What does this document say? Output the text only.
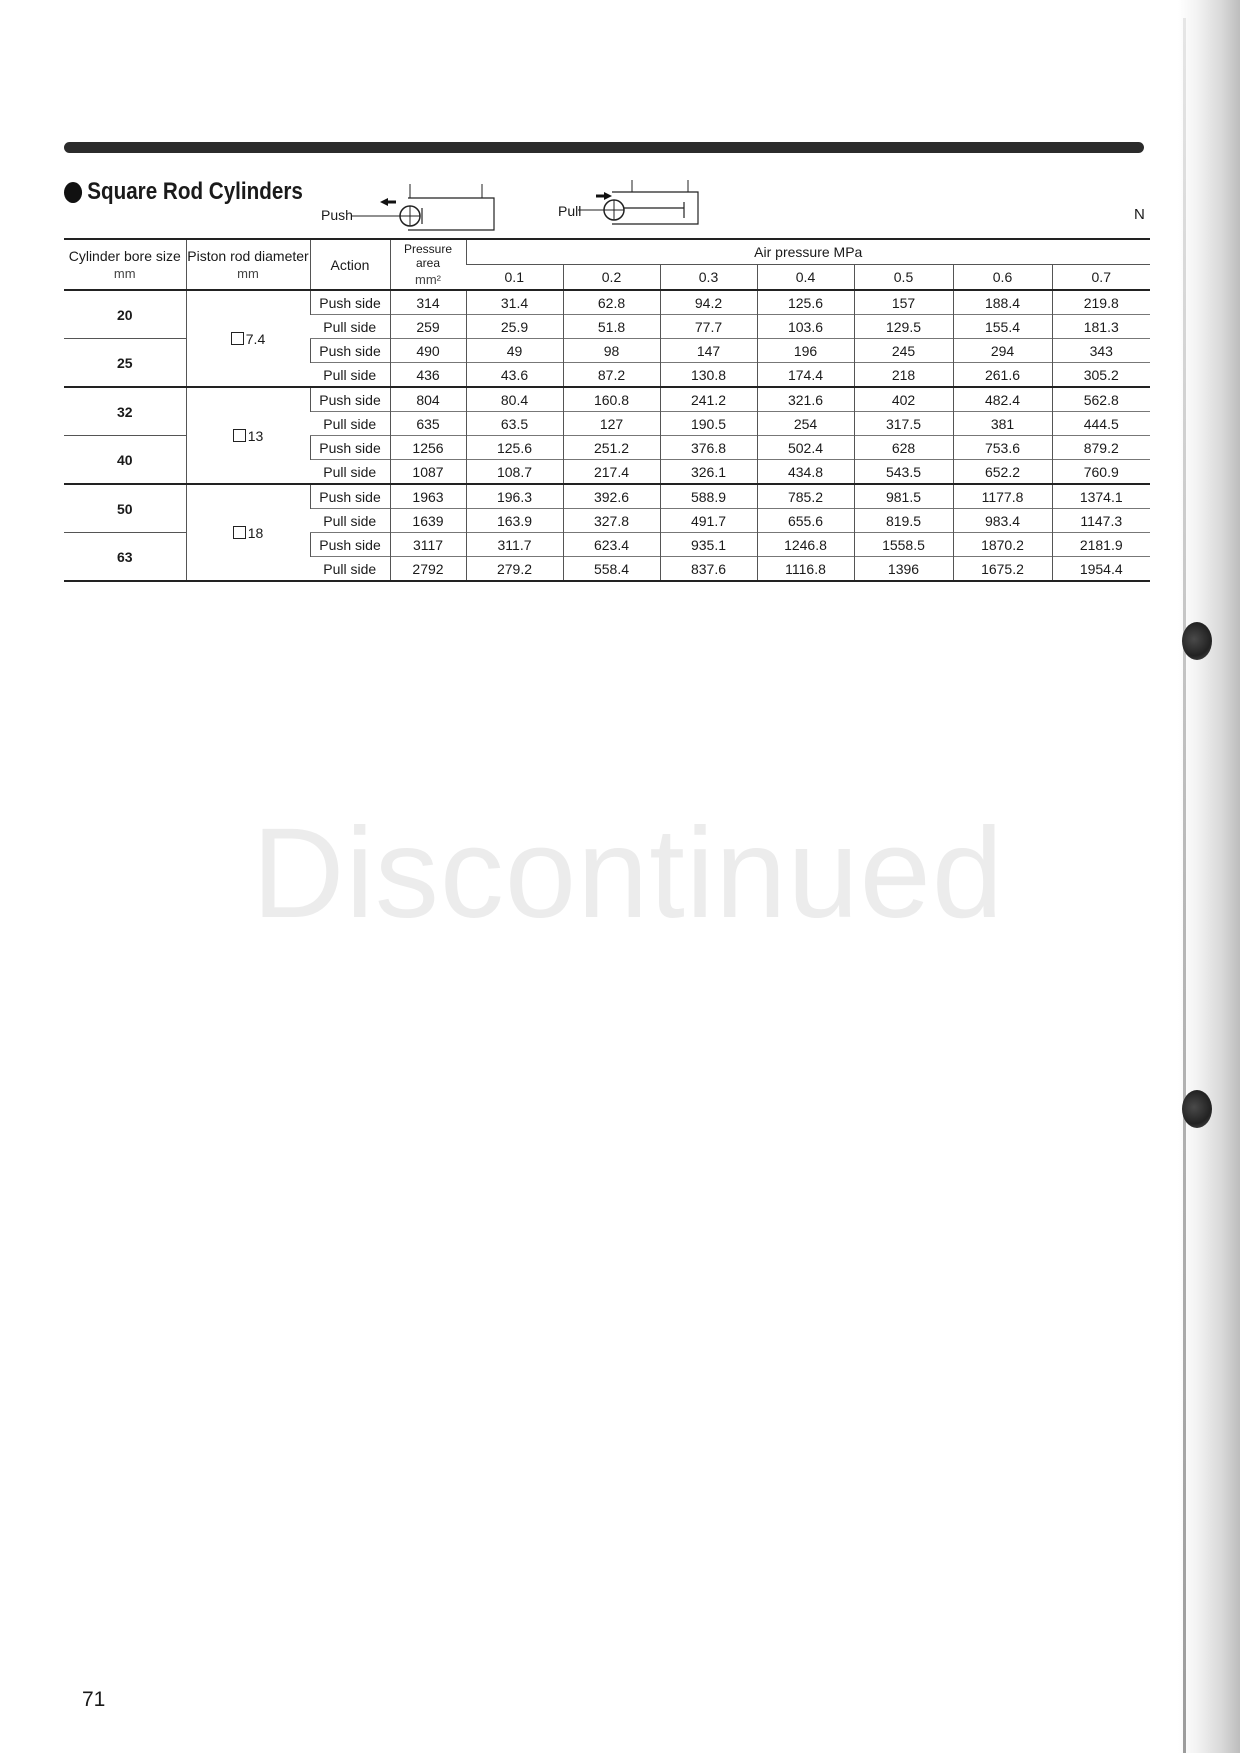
Square Rod Cylinders
Push	Pull	N
Cylinder bore size
mm	Piston rod diameter
mm	Action	Pressure area
mm²	Air pressure MPa						
				0.1	0.2	0.3	0.4	0.5	0.6	0.7
20	7.4	Push side	314	31.4	62.8	94.2	125.6	157	188.4	219.8
		Pull side	259	25.9	51.8	77.7	103.6	129.5	155.4	181.3
25		Push side	490	49	98	147	196	245	294	343
		Pull side	436	43.6	87.2	130.8	174.4	218	261.6	305.2
32	13	Push side	804	80.4	160.8	241.2	321.6	402	482.4	562.8
		Pull side	635	63.5	127	190.5	254	317.5	381	444.5
40		Push side	1256	125.6	251.2	376.8	502.4	628	753.6	879.2
		Pull side	1087	108.7	217.4	326.1	434.8	543.5	652.2	760.9
50	18	Push side	1963	196.3	392.6	588.9	785.2	981.5	1177.8	1374.1
		Pull side	1639	163.9	327.8	491.7	655.6	819.5	983.4	1147.3
63		Push side	3117	311.7	623.4	935.1	1246.8	1558.5	1870.2	2181.9
		Pull side	2792	279.2	558.4	837.6	1116.8	1396	1675.2	1954.4
Discontinued
71
